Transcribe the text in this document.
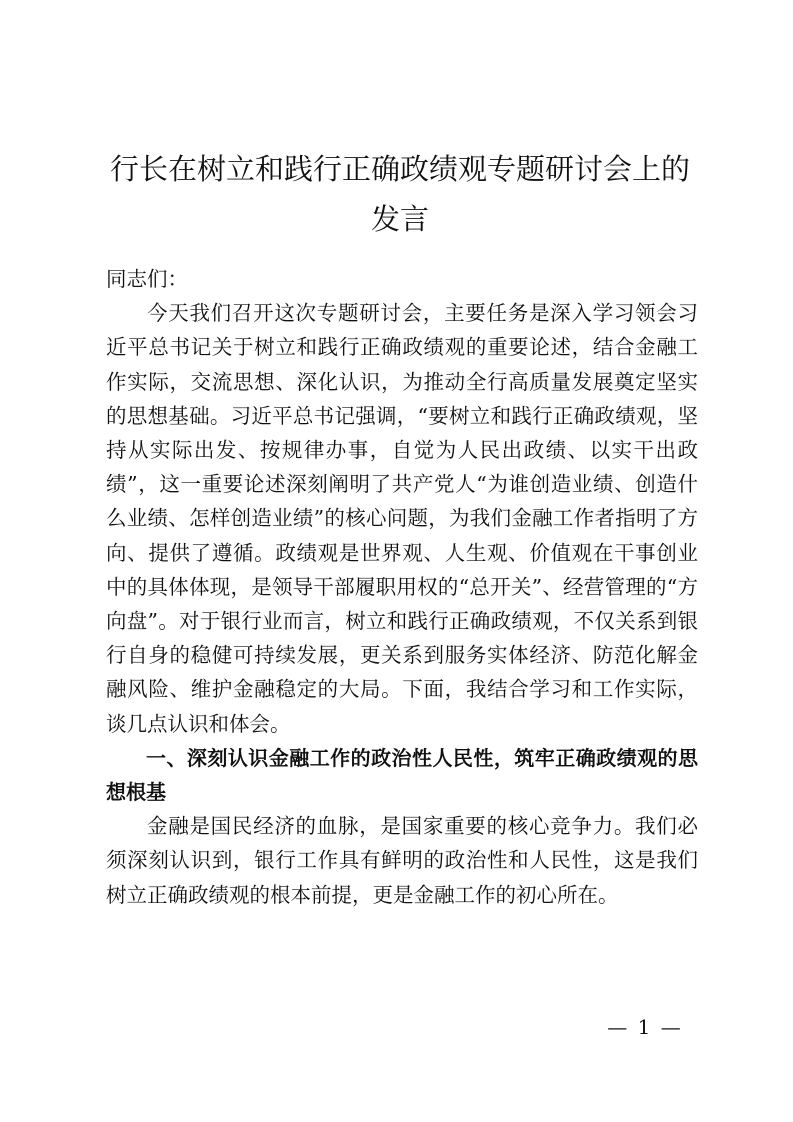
行长在树立和践行正确政绩观专题研讨会上的发言

同志们：

今天我们召开这次专题研讨会，主要任务是深入学习领会习近平总书记关于树立和践行正确政绩观的重要论述，结合金融工作实际，交流思想、深化认识，为推动全行高质量发展奠定坚实的思想基础。习近平总书记强调，“要树立和践行正确政绩观，坚持从实际出发、按规律办事，自觉为人民出政绩、以实干出政绩”，这一重要论述深刻阐明了共产党人“为谁创造业绩、创造什么业绩、怎样创造业绩”的核心问题，为我们金融工作者指明了方向、提供了遵循。政绩观是世界观、人生观、价值观在干事创业中的具体体现，是领导干部履职用权的“总开关”、经营管理的“方向盘”。对于银行业而言，树立和践行正确政绩观，不仅关系到银行自身的稳健可持续发展，更关系到服务实体经济、防范化解金融风险、维护金融稳定的大局。下面，我结合学习和工作实际，谈几点认识和体会。

一、深刻认识金融工作的政治性人民性，筑牢正确政绩观的思想根基

金融是国民经济的血脉，是国家重要的核心竞争力。我们必须深刻认识到，银行工作具有鲜明的政治性和人民性，这是我们树立正确政绩观的根本前提，更是金融工作的初心所在。

— 1 —
